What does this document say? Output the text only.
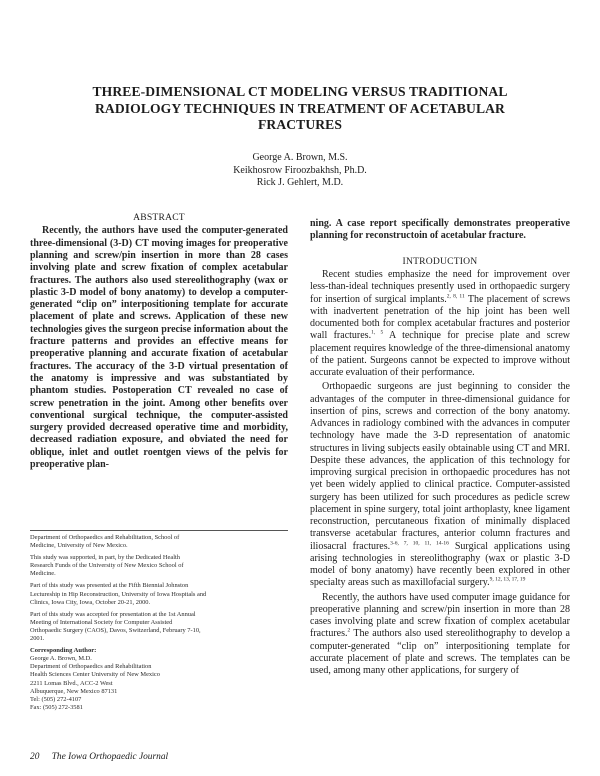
THREE-DIMENSIONAL CT MODELING VERSUS TRADITIONAL
RADIOLOGY TECHNIQUES IN TREATMENT OF ACETABULAR
FRACTURES
George A. Brown, M.S.
Keikhosrow Firoozbakhsh, Ph.D.
Rick J. Gehlert, M.D.
ABSTRACT

Recently, the authors have used the computer-generated three-dimensional (3-D) CT moving images for preoperative planning and screw/pin insertion in more than 28 cases involving plate and screw fixation of complex acetabular fractures. The authors also used stereolithography (wax or plastic 3-D model of bony anatomy) to develop a computer-generated “clip on” interpositioning template for accurate placement of plate and screws. Application of these new technologies gives the surgeon precise information about the fracture patterns and provides an effective means for preoperative planning and accurate fixation of acetabular fractures. The accuracy of the 3-D virtual presentation of the anatomy is impressive and was substantiated by phantom studies. Postoperation CT revealed no case of screw penetration in the joint. Among other benefits over conventional surgical technique, the computer-assisted surgery provided decreased operative time and morbidity, decreased radiation exposure, and obviated the need for oblique, inlet and outlet roentgen views of the pelvis for preoperative plan-

Department of Orthopaedics and Rehabilitation, School of
Medicine, University of New Mexico.

This study was supported, in part, by the Dedicated Health
Research Funds of the University of New Mexico School of
Medicine.

Part of this study was presented at the Fifth Biennial Johnston
Lectureship in Hip Reconstruction, University of Iowa Hospitals and
Clinics, Iowa City, Iowa, October 20-21, 2000.

Part of this study was accepted for presentation at the 1st Annual
Meeting of International Society for Computer Assisted
Orthopaedic Surgery (CAOS), Davos, Switzerland, February 7-10,
2001.

Corresponding Author:
George A. Brown, M.D.
Department of Orthopaedics and Rehabilitation
Health Sciences Center University of New Mexico
2211 Lomas Blvd., ACC-2 West
Albuquerque, New Mexico 87131
Tel: (505) 272-4107
Fax: (505) 272-3581

ning. A case report specifically demonstrates preoperative planning for reconstructoin of acetabular fracture.

INTRODUCTION

Recent studies emphasize the need for improvement over less-than-ideal techniques presently used in orthopaedic surgery for insertion of surgical implants.$^{2, 8, 11}$ The placement of screws with inadvertent penetration of the hip joint has been well documented both for complex acetabular fractures and posterior wall fractures.$^{1, 5}$ A technique for precise plate and screw placement requires knowledge of the three-dimensional anatomy of the patient. Surgeons cannot be expected to improve without accurate evaluation of their performance.

Orthopaedic surgeons are just beginning to consider the advantages of the computer in three-dimensional guidance for insertion of pins, screws and correction of the bony anatomy. Advances in radiology combined with the advances in computer technology have made the 3-D representation of anatomic structures in living subjects easily obtainable using CT and MRI. Despite these advances, the application of this technology for improving surgical precision in orthopaedic procedures has not yet been widely applied to clinical practice. Computer-assisted surgery has been utilized for such procedures as pedicle screw placement in spine surgery, total joint arthoplasty, knee ligament reconstruction, percutaneous fixation of minimally displaced transverse acetabular fractures, anterior column fractures and iliosacral fractures.$^{3-6, 7, 10, 11, 14-16}$ Surgical applications using arising technologies in stereolithography (wax or plastic 3-D model of bony anatomy) have recently been explored in other specialty areas such as maxillofacial surgery.$^{9, 12, 13, 17, 19}$

Recently, the authors have used computer image guidance for preoperative planning and screw/pin insertion in more than 28 cases involving plate and screw fixation of complex acetabular fractures.$^2$ The authors also used stereolithography to develop a computer-generated “clip on” interpositioning template for accurate placement of plate and screws. The templates can be used, among many other applications, for surgery of

20 The Iowa Orthopaedic Journal
